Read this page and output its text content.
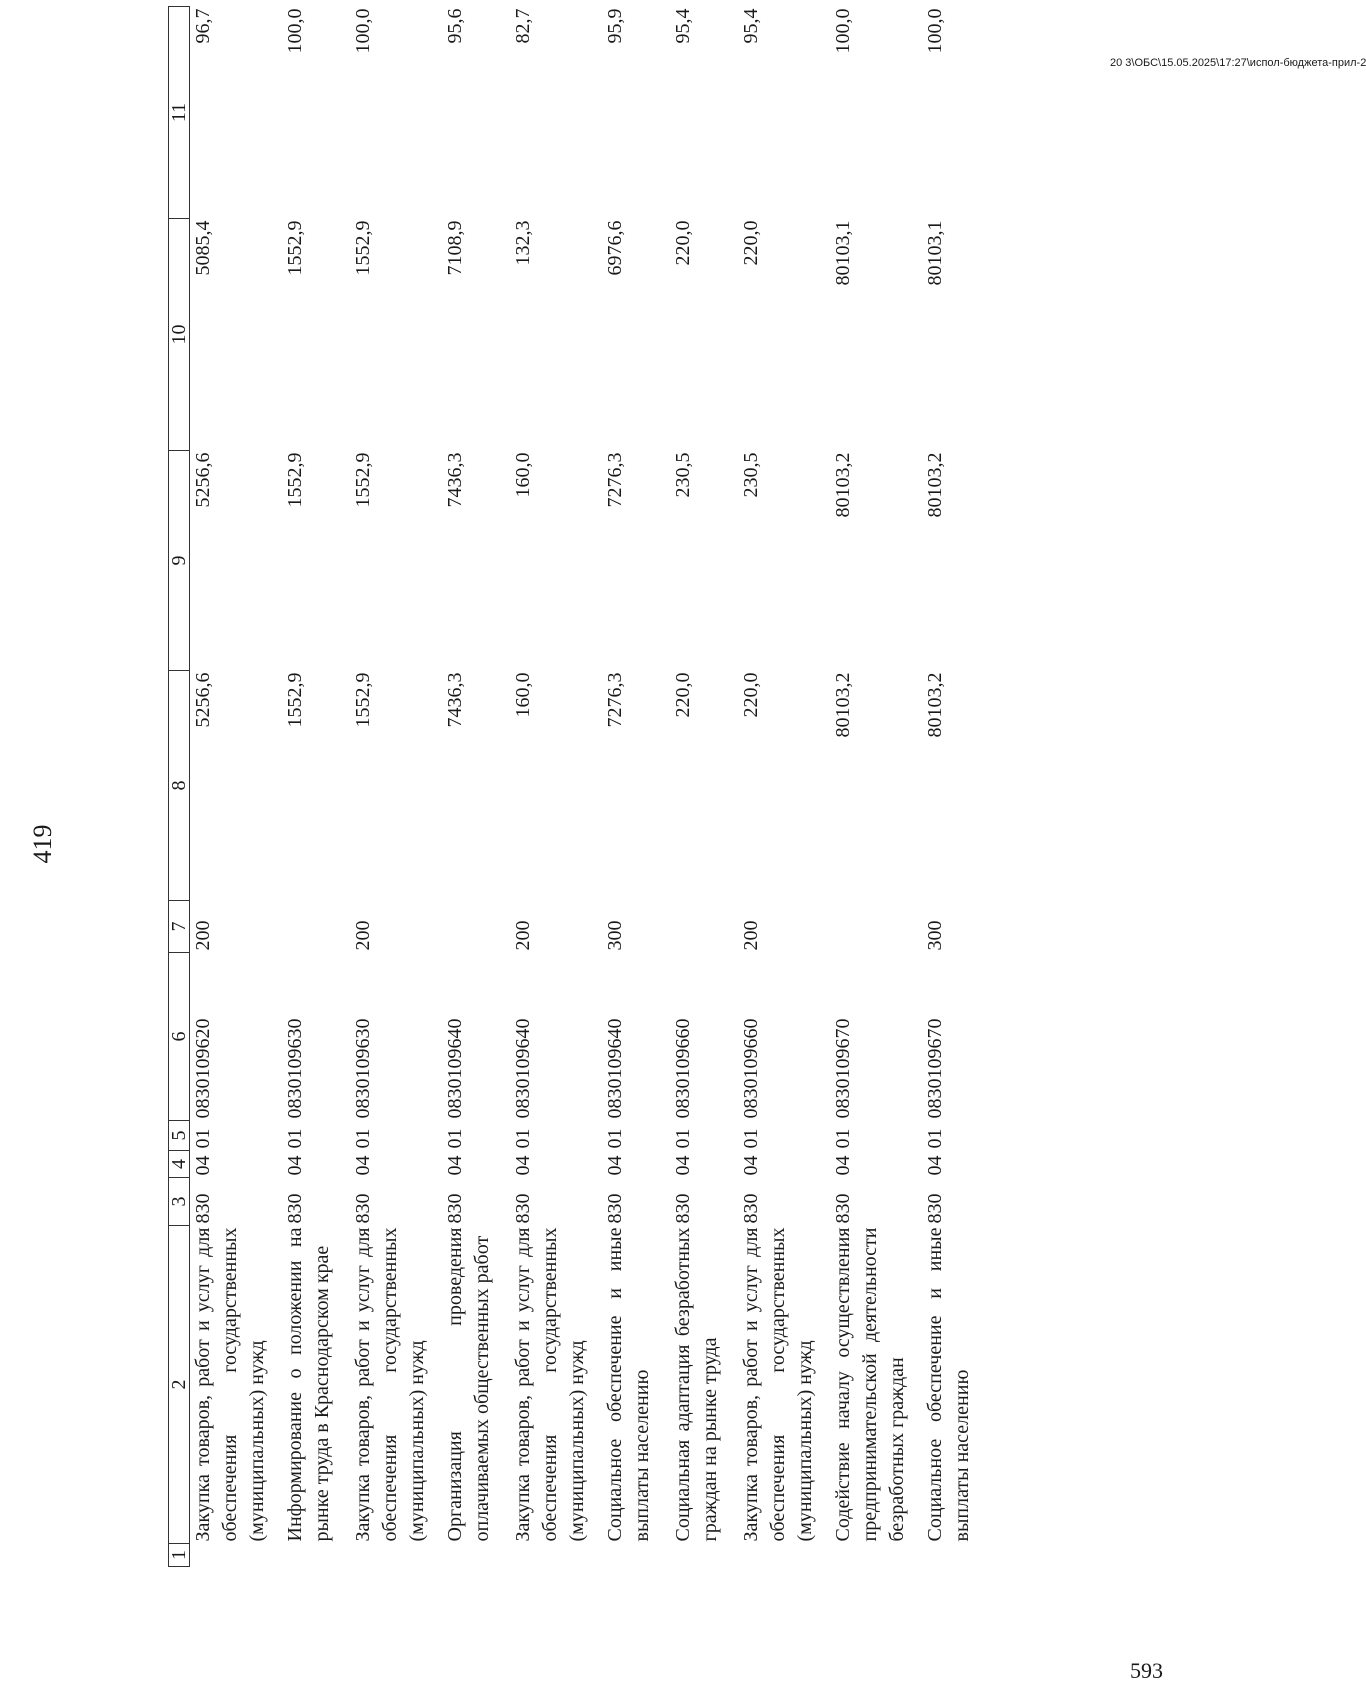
419
1	2	3	4	5	6	7	8	9	10	11
	Закупка товаров, работ и услуг для обеспечения государственных (муниципальных) нужд	830	04	01	0830109620	200	5256,6	5256,6	5085,4	96,7
	Информирование о положении на рынке труда в Краснодарском крае	830	04	01	0830109630		1552,9	1552,9	1552,9	100,0
	Закупка товаров, работ и услуг для обеспечения государственных (муниципальных) нужд	830	04	01	0830109630	200	1552,9	1552,9	1552,9	100,0
	Организация проведения оплачиваемых общественных работ	830	04	01	0830109640		7436,3	7436,3	7108,9	95,6
	Закупка товаров, работ и услуг для обеспечения государственных (муниципальных) нужд	830	04	01	0830109640	200	160,0	160,0	132,3	82,7
	Социальное обеспечение и иные выплаты населению	830	04	01	0830109640	300	7276,3	7276,3	6976,6	95,9
	Социальная адаптация безработных граждан на рынке труда	830	04	01	0830109660		220,0	230,5	220,0	95,4
	Закупка товаров, работ и услуг для обеспечения государственных (муниципальных) нужд	830	04	01	0830109660	200	220,0	230,5	220,0	95,4
	Содействие началу осуществления предпринимательской деятельности безработных граждан	830	04	01	0830109670		80103,2	80103,2	80103,1	100,0
	Социальное обеспечение и иные выплаты населению	830	04	01	0830109670	300	80103,2	80103,2	80103,1	100,0
20 3\ОБС\15.05.2025\17:27\испол-бюджета-прил-2
593
